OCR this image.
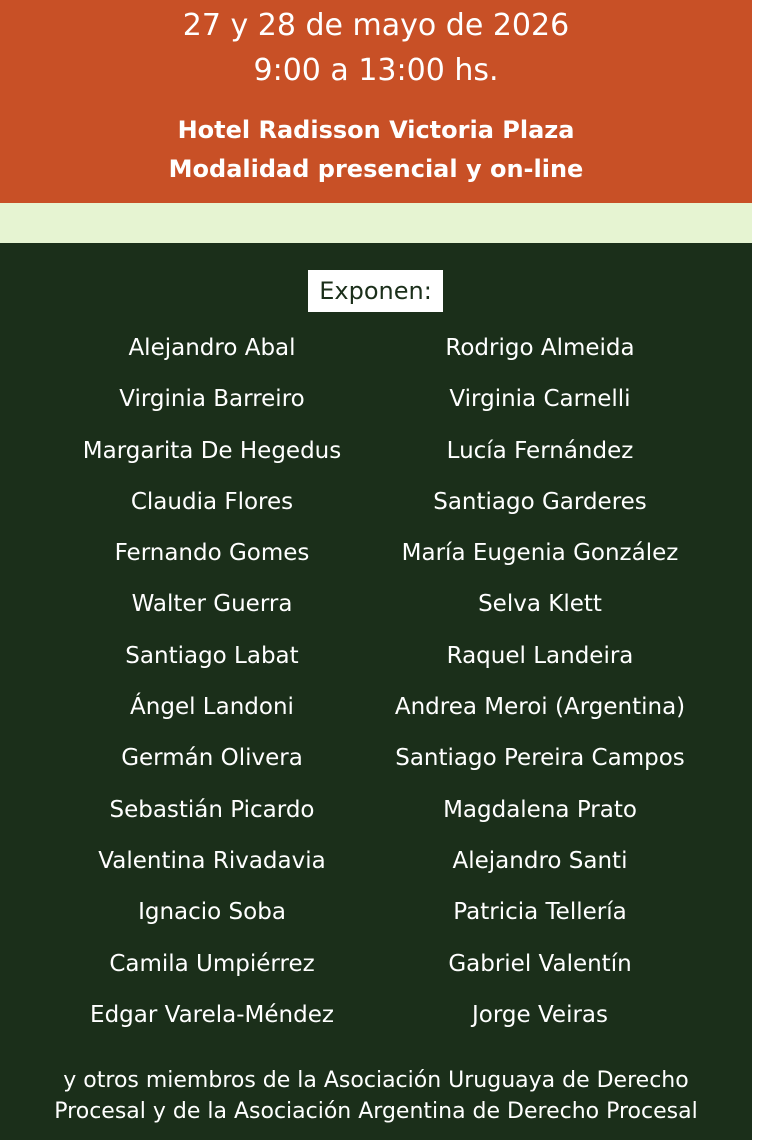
27 y 28 de mayo de 2026
9:00 a 13:00 hs.
Hotel Radisson Victoria Plaza
Modalidad presencial y on-line
Exponen:
Alejandro Abal	Rodrigo Almeida
Virginia Barreiro	Virginia Carnelli
Margarita De Hegedus	Lucía Fernández
Claudia Flores	Santiago Garderes
Fernando Gomes	María Eugenia González
Walter Guerra	Selva Klett
Santiago Labat	Raquel Landeira
Ángel Landoni	Andrea Meroi (Argentina)
Germán Olivera	Santiago Pereira Campos
Sebastián Picardo	Magdalena Prato
Valentina Rivadavia	Alejandro Santi
Ignacio Soba	Patricia Tellería
Camila Umpiérrez	Gabriel Valentín
Edgar Varela-Méndez	Jorge Veiras
y otros miembros de la Asociación Uruguaya de Derecho
Procesal y de la Asociación Argentina de Derecho Procesal
